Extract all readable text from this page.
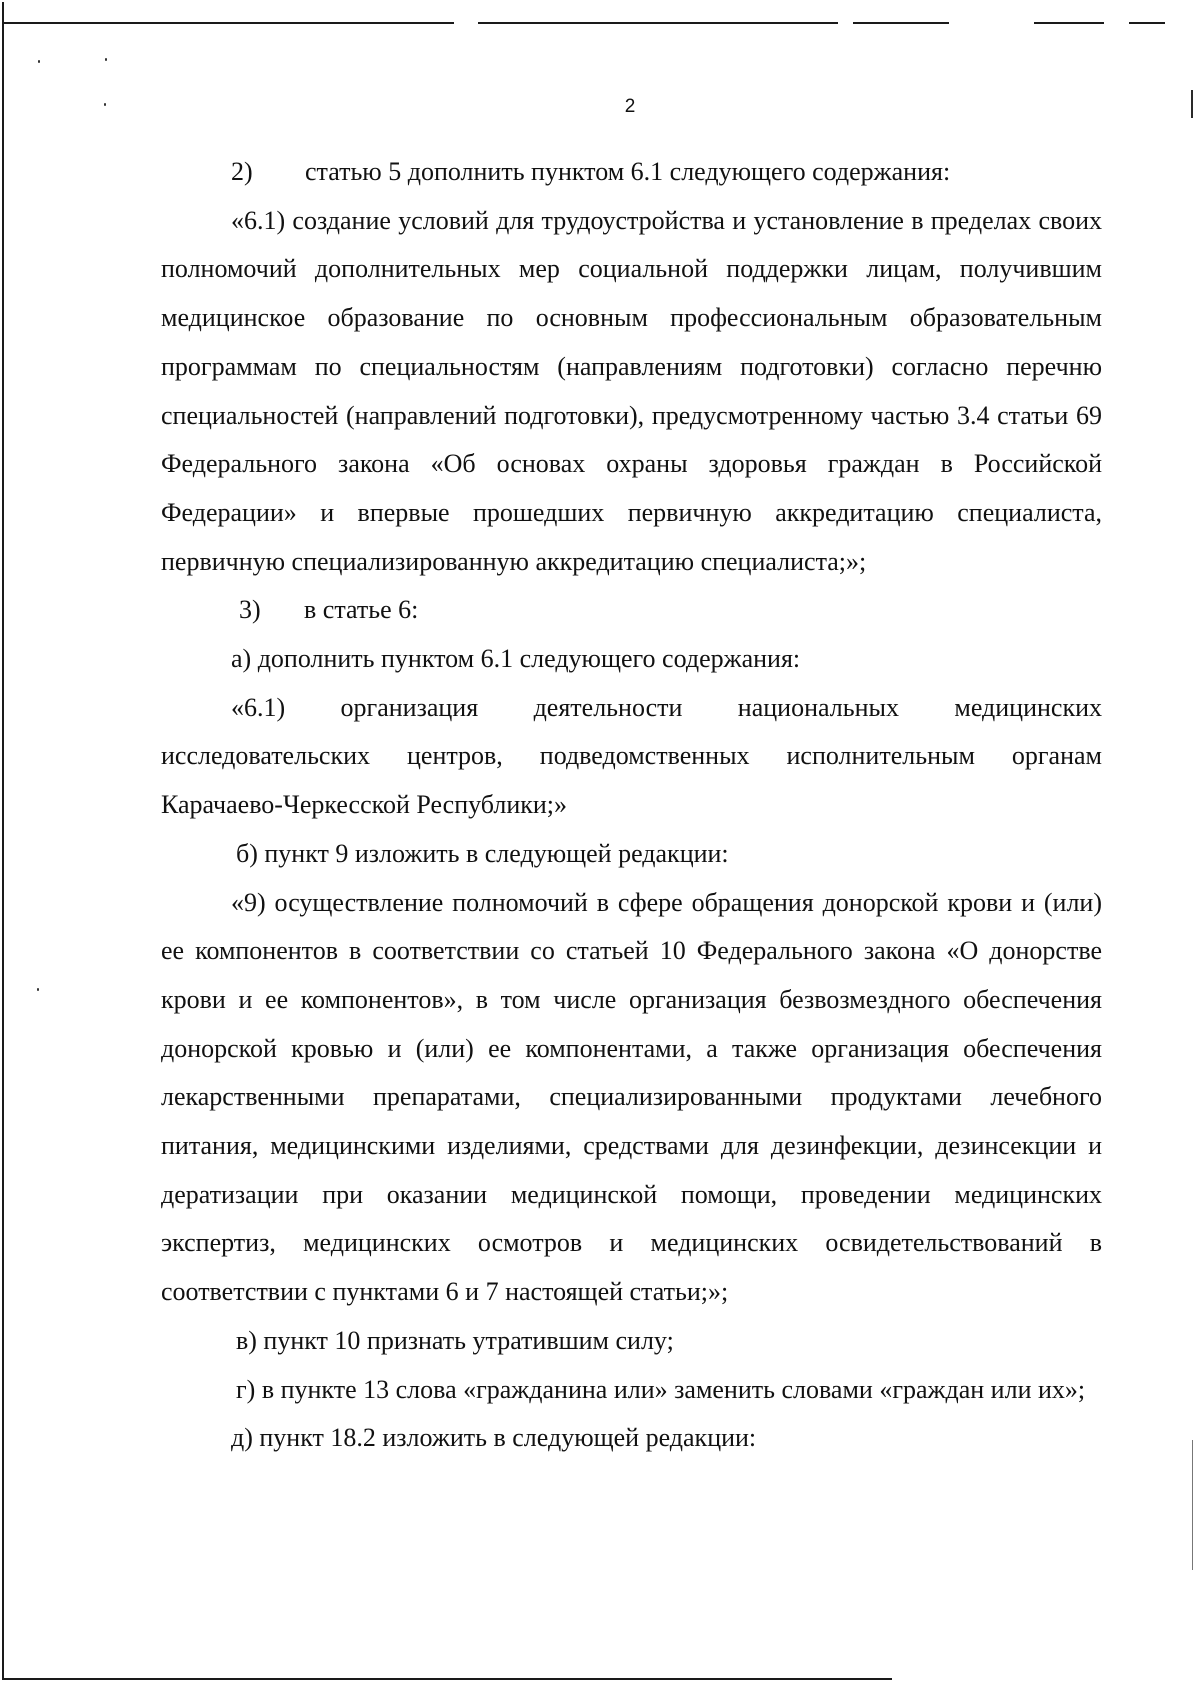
2
2)	статью 5 дополнить пунктом 6.1 следующего содержания:

«6.1) создание условий для трудоустройства и установление в пределах своих полномочий дополнительных мер социальной поддержки лицам, получившим медицинское образование по основным профессиональным образовательным программам по специальностям (направлениям подготовки) согласно перечню специальностей (направлений подготовки), предусмотренному частью 3.4 статьи 69 Федерального закона «Об основах охраны здоровья граждан в Российской Федерации» и впервые прошедших первичную аккредитацию специалиста, первичную специализированную аккредитацию специалиста;»;

3)	в статье 6:

а) дополнить пунктом 6.1 следующего содержания:

«6.1) организация деятельности национальных медицинских исследовательских центров, подведомственных исполнительным органам Карачаево-Черкесской Республики;»

б) пункт 9 изложить в следующей редакции:

«9) осуществление полномочий в сфере обращения донорской крови и (или) ее компонентов в соответствии со статьей 10 Федерального закона «О донорстве крови и ее компонентов», в том числе организация безвозмездного обеспечения донорской кровью и (или) ее компонентами, а также организация обеспечения лекарственными препаратами, специализированными продуктами лечебного питания, медицинскими изделиями, средствами для дезинфекции, дезинсекции и дератизации при оказании медицинской помощи, проведении медицинских экспертиз, медицинских осмотров и медицинских освидетельствований в соответствии с пунктами 6 и 7 настоящей статьи;»;

в) пункт 10 признать утратившим силу;

г) в пункте 13 слова «гражданина или» заменить словами «граждан или их»;

д) пункт 18.2 изложить в следующей редакции:
